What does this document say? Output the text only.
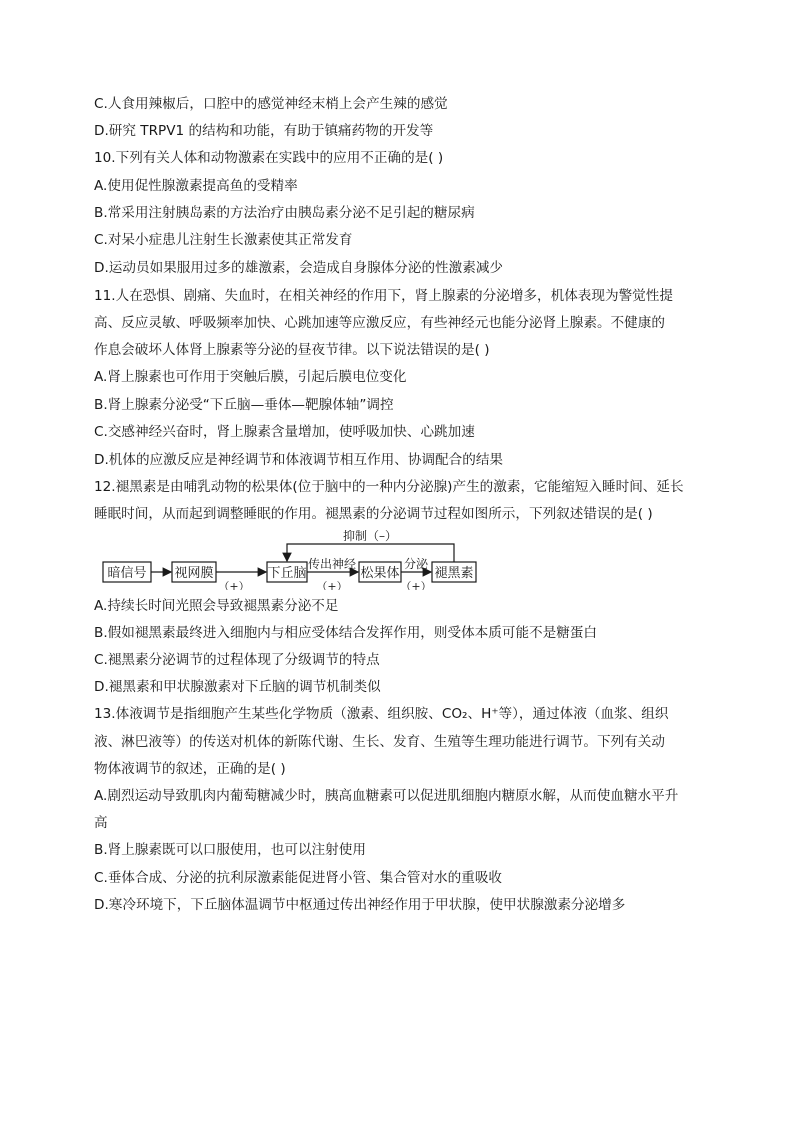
C.人食用辣椒后，口腔中的感觉神经末梢上会产生辣的感觉
D.研究 TRPV1 的结构和功能，有助于镇痛药物的开发等
10.下列有关人体和动物激素在实践中的应用不正确的是( )
A.使用促性腺激素提高鱼的受精率
B.常采用注射胰岛素的方法治疗由胰岛素分泌不足引起的糖尿病
C.对呆小症患儿注射生长激素使其正常发育
D.运动员如果服用过多的雄激素，会造成自身腺体分泌的性激素减少
11.人在恐惧、剧痛、失血时，在相关神经的作用下，肾上腺素的分泌增多，机体表现为警觉性提
高、反应灵敏、呼吸频率加快、心跳加速等应激反应，有些神经元也能分泌肾上腺素。不健康的
作息会破坏人体肾上腺素等分泌的昼夜节律。以下说法错误的是( )
A.肾上腺素也可作用于突触后膜，引起后膜电位变化
B.肾上腺素分泌受“下丘脑—垂体—靶腺体轴”调控
C.交感神经兴奋时，肾上腺素含量增加，使呼吸加快、心跳加速
D.机体的应激反应是神经调节和体液调节相互作用、协调配合的结果
12.褪黑素是由哺乳动物的松果体(位于脑中的一种内分泌腺)产生的激素，它能缩短入睡时间、延长
睡眠时间，从而起到调整睡眠的作用。褪黑素的分泌调节过程如图所示，下列叙述错误的是( )
暗信号 视网膜	下丘脑	松果体	褪黑素
（+）
传出神经
（+）
分泌
（+）
抑制（–）
A.持续长时间光照会导致褪黑素分泌不足
B.假如褪黑素最终进入细胞内与相应受体结合发挥作用，则受体本质可能不是糖蛋白
C.褪黑素分泌调节的过程体现了分级调节的特点
D.褪黑素和甲状腺激素对下丘脑的调节机制类似
13.体液调节是指细胞产生某些化学物质（激素、组织胺、CO₂、H⁺等），通过体液（血浆、组织
液、淋巴液等）的传送对机体的新陈代谢、生长、发育、生殖等生理功能进行调节。下列有关动
物体液调节的叙述，正确的是( )
A.剧烈运动导致肌肉内葡萄糖减少时，胰高血糖素可以促进肌细胞内糖原水解，从而使血糖水平升
高
B.肾上腺素既可以口服使用，也可以注射使用
C.垂体合成、分泌的抗利尿激素能促进肾小管、集合管对水的重吸收
D.寒冷环境下，下丘脑体温调节中枢通过传出神经作用于甲状腺，使甲状腺激素分泌增多
